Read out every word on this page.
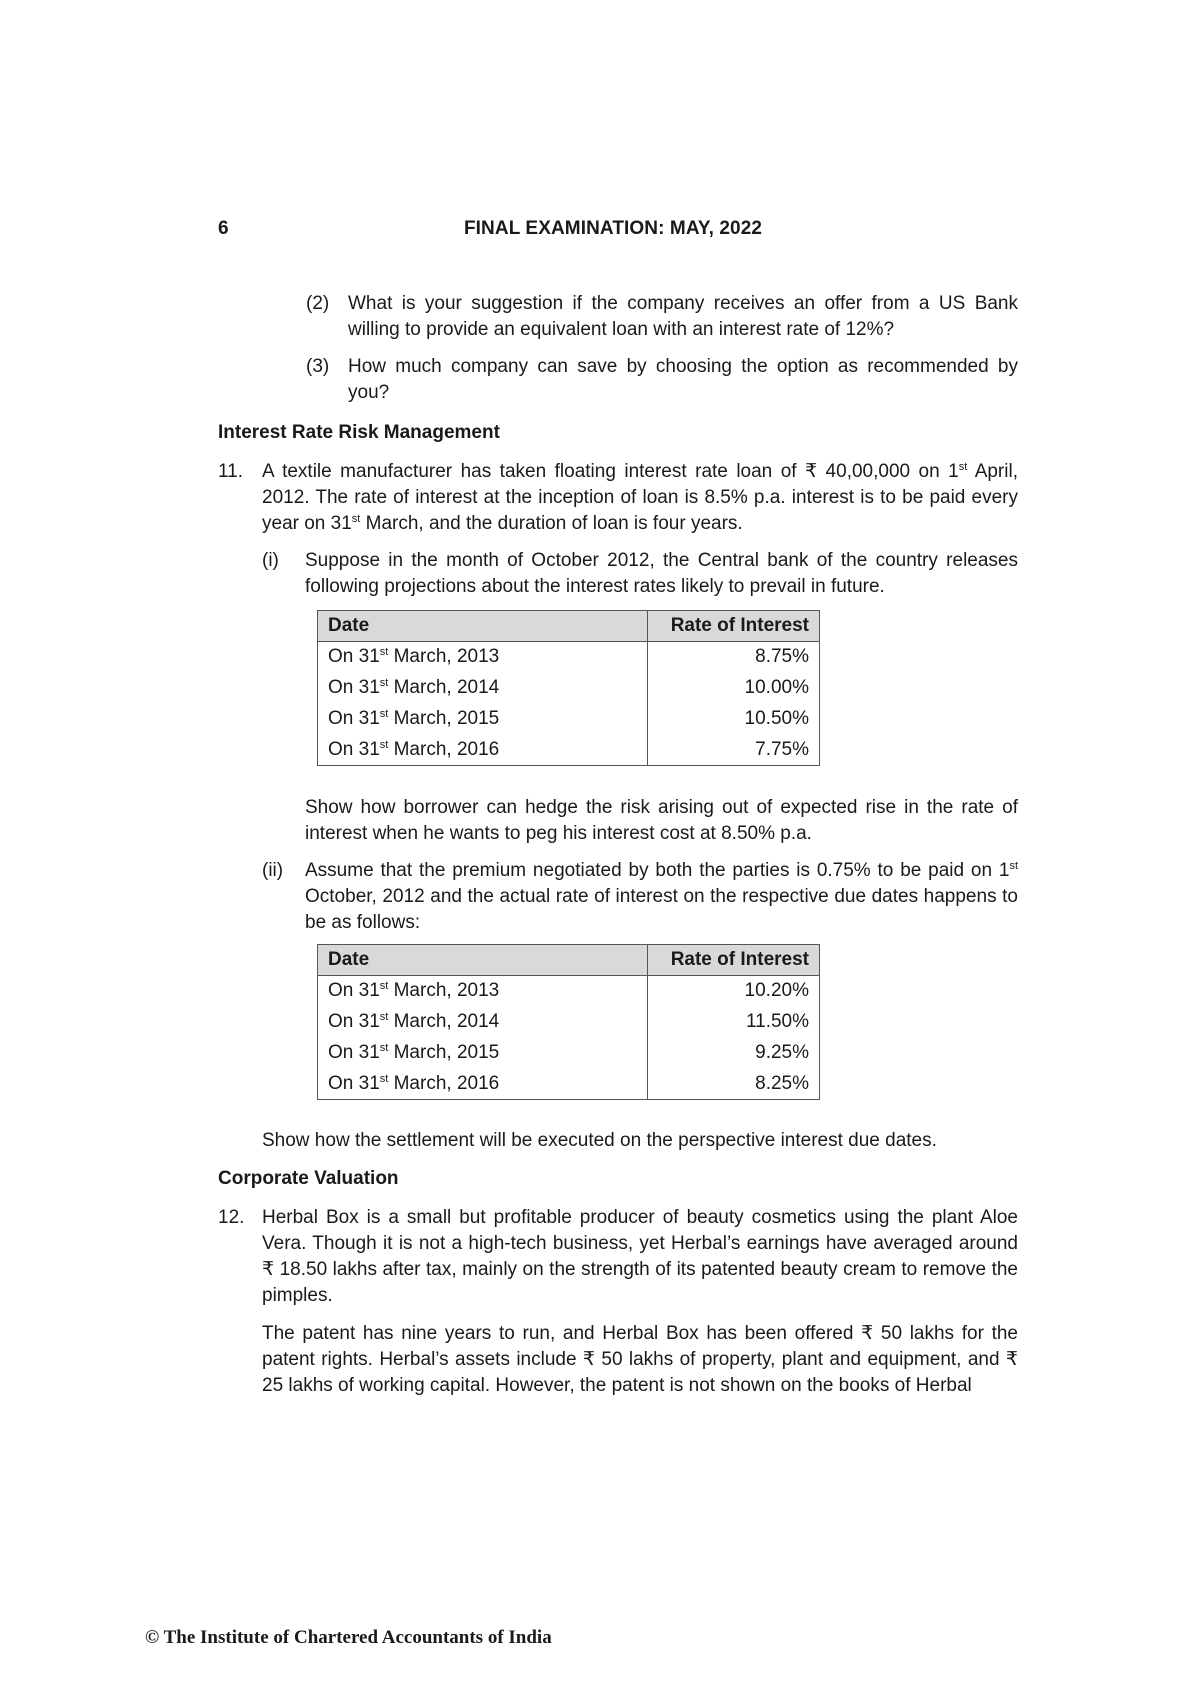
6	FINAL EXAMINATION: MAY, 2022
(2) What is your suggestion if the company receives an offer from a US Bank willing to provide an equivalent loan with an interest rate of 12%?

(3) How much company can save by choosing the option as recommended by you?

Interest Rate Risk Management
11. A textile manufacturer has taken floating interest rate loan of ₹ 40,00,000 on 1st April, 2012. The rate of interest at the inception of loan is 8.5% p.a. interest is to be paid every year on 31st March, and the duration of loan is four years.

(i) Suppose in the month of October 2012, the Central bank of the country releases following projections about the interest rates likely to prevail in future.

Date	Rate of Interest
On 31st March, 2013	8.75%
On 31st March, 2014	10.00%
On 31st March, 2015	10.50%
On 31st March, 2016	7.75%

Show how borrower can hedge the risk arising out of expected rise in the rate of interest when he wants to peg his interest cost at 8.50% p.a.

(ii) Assume that the premium negotiated by both the parties is 0.75% to be paid on 1st October, 2012 and the actual rate of interest on the respective due dates happens to be as follows:

Date	Rate of Interest
On 31st March, 2013	10.20%
On 31st March, 2014	11.50%
On 31st March, 2015	9.25%
On 31st March, 2016	8.25%

Show how the settlement will be executed on the perspective interest due dates.

Corporate Valuation
12. Herbal Box is a small but profitable producer of beauty cosmetics using the plant Aloe Vera. Though it is not a high-tech business, yet Herbal’s earnings have averaged around ₹ 18.50 lakhs after tax, mainly on the strength of its patented beauty cream to remove the pimples.

The patent has nine years to run, and Herbal Box has been offered ₹ 50 lakhs for the patent rights. Herbal’s assets include ₹ 50 lakhs of property, plant and equipment, and ₹ 25 lakhs of working capital. However, the patent is not shown on the books of Herbal

© The Institute of Chartered Accountants of India
